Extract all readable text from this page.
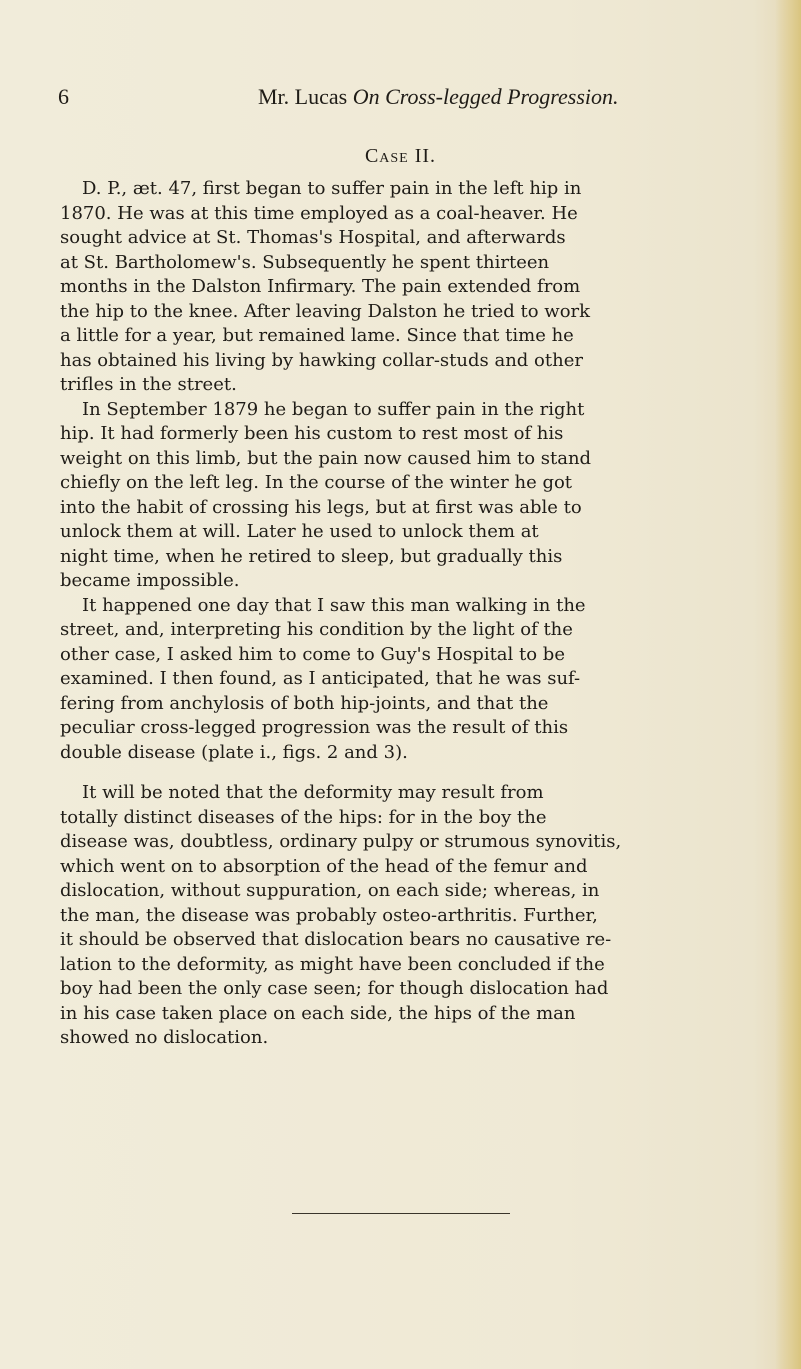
6	Mr. Lucas On Cross-legged Progression.
Case II.
D. P., æt. 47, first began to suffer pain in the left hip in
1870. He was at this time employed as a coal-heaver. He
sought advice at St. Thomas's Hospital, and afterwards
at St. Bartholomew's. Subsequently he spent thirteen
months in the Dalston Infirmary. The pain extended from
the hip to the knee. After leaving Dalston he tried to work
a little for a year, but remained lame. Since that time he
has obtained his living by hawking collar-studs and other
trifles in the street.
In September 1879 he began to suffer pain in the right
hip. It had formerly been his custom to rest most of his
weight on this limb, but the pain now caused him to stand
chiefly on the left leg. In the course of the winter he got
into the habit of crossing his legs, but at first was able to
unlock them at will. Later he used to unlock them at
night time, when he retired to sleep, but gradually this
became impossible.
It happened one day that I saw this man walking in the
street, and, interpreting his condition by the light of the
other case, I asked him to come to Guy's Hospital to be
examined. I then found, as I anticipated, that he was suf-
fering from anchylosis of both hip-joints, and that the
peculiar cross-legged progression was the result of this
double disease (plate i., figs. 2 and 3).
It will be noted that the deformity may result from
totally distinct diseases of the hips: for in the boy the
disease was, doubtless, ordinary pulpy or strumous synovitis,
which went on to absorption of the head of the femur and
dislocation, without suppuration, on each side; whereas, in
the man, the disease was probably osteo-arthritis. Further,
it should be observed that dislocation bears no causative re-
lation to the deformity, as might have been concluded if the
boy had been the only case seen; for though dislocation had
in his case taken place on each side, the hips of the man
showed no dislocation.
